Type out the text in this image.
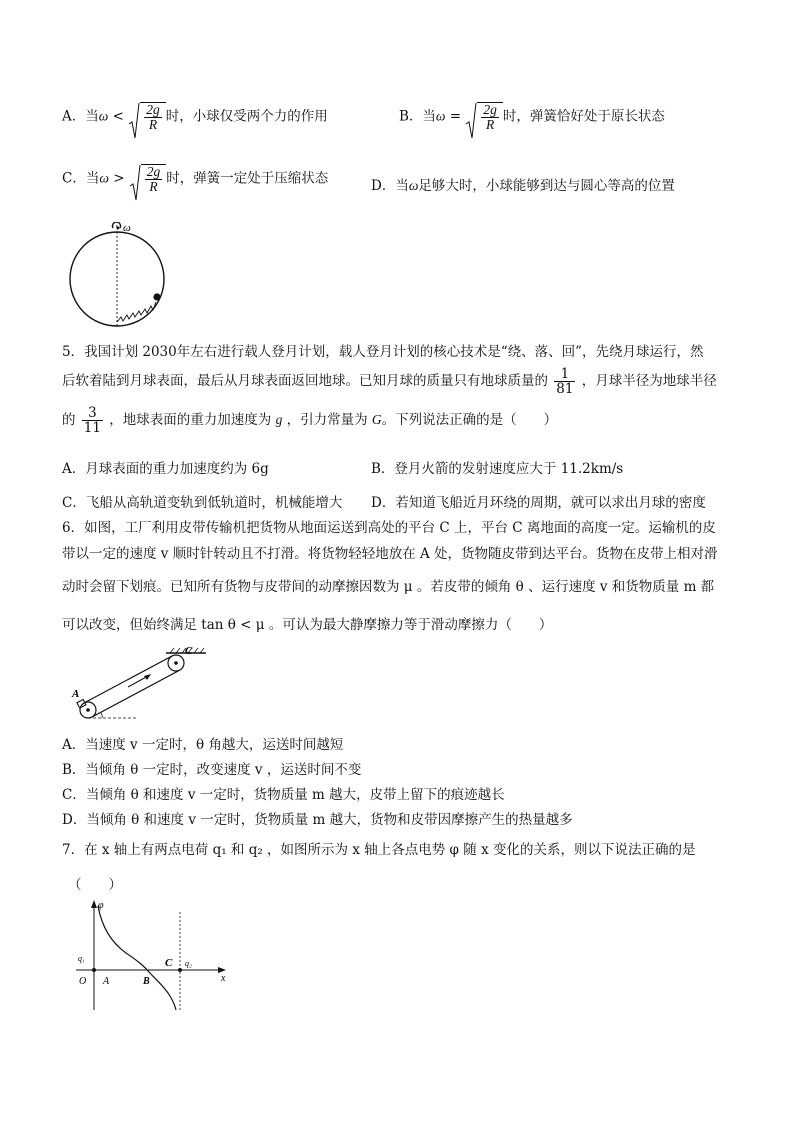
A．当$\omega < \frac{2g}{R}$ 时，小球仅受两个力的作用	B．当$\omega = \frac{2g}{R}$ 时，弹簧恰好处于原长状态
C．当$\omega > \frac{2g}{R}$ 时，弹簧一定处于压缩状态	D．当ω足够大时，小球能够到达与圆心等高的位置
ω
5．我国计划 2030年左右进行载人登月计划，载人登月计划的核心技术是“绕、落、回”，先绕月球运行，然
后软着陆到月球表面，最后从月球表面返回地球。已知月球的质量只有地球质量的 $\frac{1}{81}$ ，月球半径为地球半径
的 $\frac{3}{11}$ ，地球表面的重力加速度为 g ，引力常量为 G。下列说法正确的是（　　）
A．月球表面的重力加速度约为 6g	B．登月火箭的发射速度应大于 11.2km/s
C．飞船从高轨道变轨到低轨道时，机械能增大 D．若知道飞船近月环绕的周期，就可以求出月球的密度
6．如图，工厂利用皮带传输机把货物从地面运送到高处的平台 C 上，平台 C 离地面的高度一定。运输机的皮
带以一定的速度 v 顺时针转动且不打滑。将货物轻轻地放在 A 处，货物随皮带到达平台。货物在皮带上相对滑
动时会留下划痕。已知所有货物与皮带间的动摩擦因数为 μ 。若皮带的倾角 θ 、运行速度 v 和货物质量 m 都
可以改变，但始终满足 tan θ < μ 。可认为最大静摩擦力等于滑动摩擦力（　　）
A
C
A．当速度 v 一定时，θ 角越大，运送时间越短
B．当倾角 θ 一定时，改变速度 v ，运送时间不变
C．当倾角 θ 和速度 v 一定时，货物质量 m 越大，皮带上留下的痕迹越长
D．当倾角 θ 和速度 v 一定时，货物质量 m 越大，货物和皮带因摩擦产生的热量越多
7．在 x 轴上有两点电荷 q₁ 和 q₂ ，如图所示为 x 轴上各点电势 φ 随 x 变化的关系，则以下说法正确的是
（　　）
φ
x
O A	B
C
q₁
q₂
